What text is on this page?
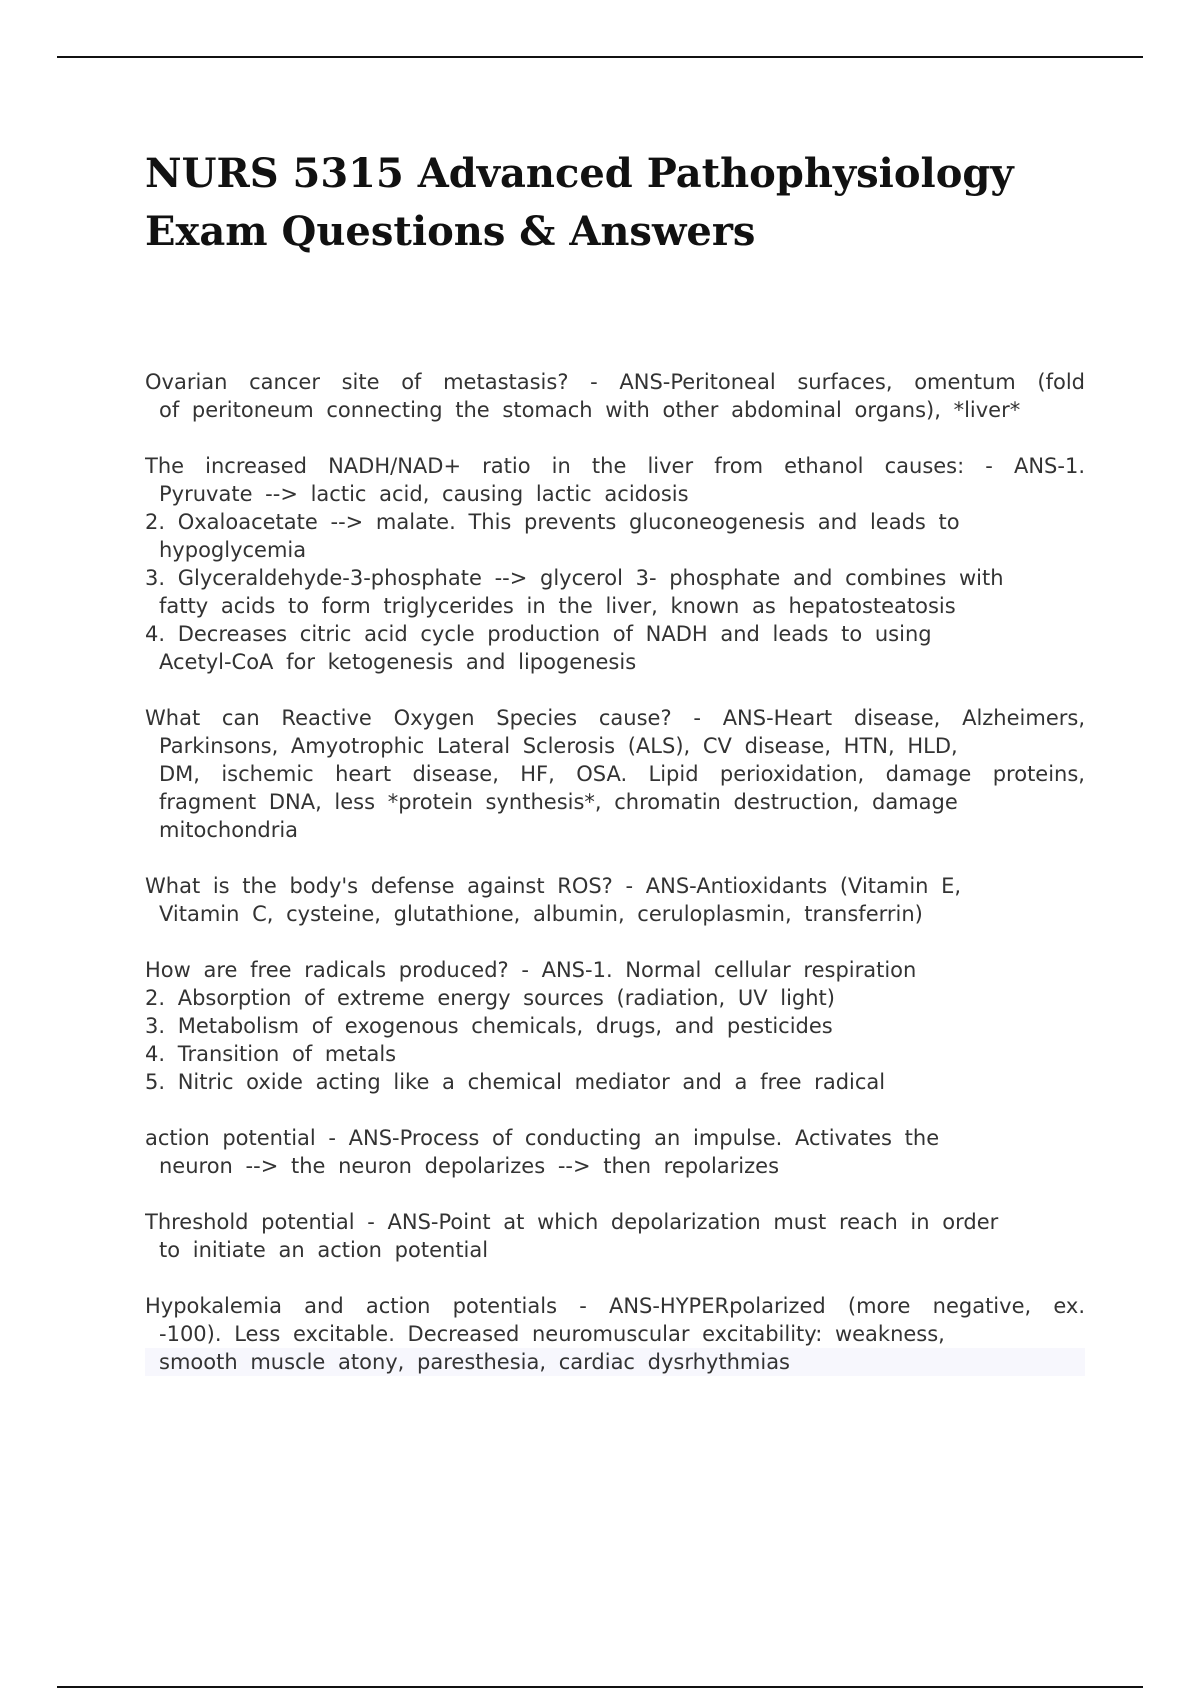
NURS 5315 Advanced Pathophysiology
Exam Questions & Answers
Ovarian cancer site of metastasis? - ANS-Peritoneal surfaces, omentum (fold
of peritoneum connecting the stomach with other abdominal organs), *liver*
The increased NADH/NAD+ ratio in the liver from ethanol causes: - ANS-1.
Pyruvate --> lactic acid, causing lactic acidosis
2. Oxaloacetate --> malate. This prevents gluconeogenesis and leads to
hypoglycemia
3. Glyceraldehyde-3-phosphate --> glycerol 3- phosphate and combines with
fatty acids to form triglycerides in the liver, known as hepatosteatosis
4. Decreases citric acid cycle production of NADH and leads to using
Acetyl-CoA for ketogenesis and lipogenesis
What can Reactive Oxygen Species cause? - ANS-Heart disease, Alzheimers,
Parkinsons, Amyotrophic Lateral Sclerosis (ALS), CV disease, HTN, HLD,
DM, ischemic heart disease, HF, OSA. Lipid perioxidation, damage proteins,
fragment DNA, less *protein synthesis*, chromatin destruction, damage
mitochondria
What is the body's defense against ROS? - ANS-Antioxidants (Vitamin E,
Vitamin C, cysteine, glutathione, albumin, ceruloplasmin, transferrin)
How are free radicals produced? - ANS-1. Normal cellular respiration
2. Absorption of extreme energy sources (radiation, UV light)
3. Metabolism of exogenous chemicals, drugs, and pesticides
4. Transition of metals
5. Nitric oxide acting like a chemical mediator and a free radical
action potential - ANS-Process of conducting an impulse. Activates the
neuron --> the neuron depolarizes --> then repolarizes
Threshold potential - ANS-Point at which depolarization must reach in order
to initiate an action potential
Hypokalemia and action potentials - ANS-HYPERpolarized (more negative, ex.
-100). Less excitable. Decreased neuromuscular excitability: weakness,
smooth muscle atony, paresthesia, cardiac dysrhythmias
